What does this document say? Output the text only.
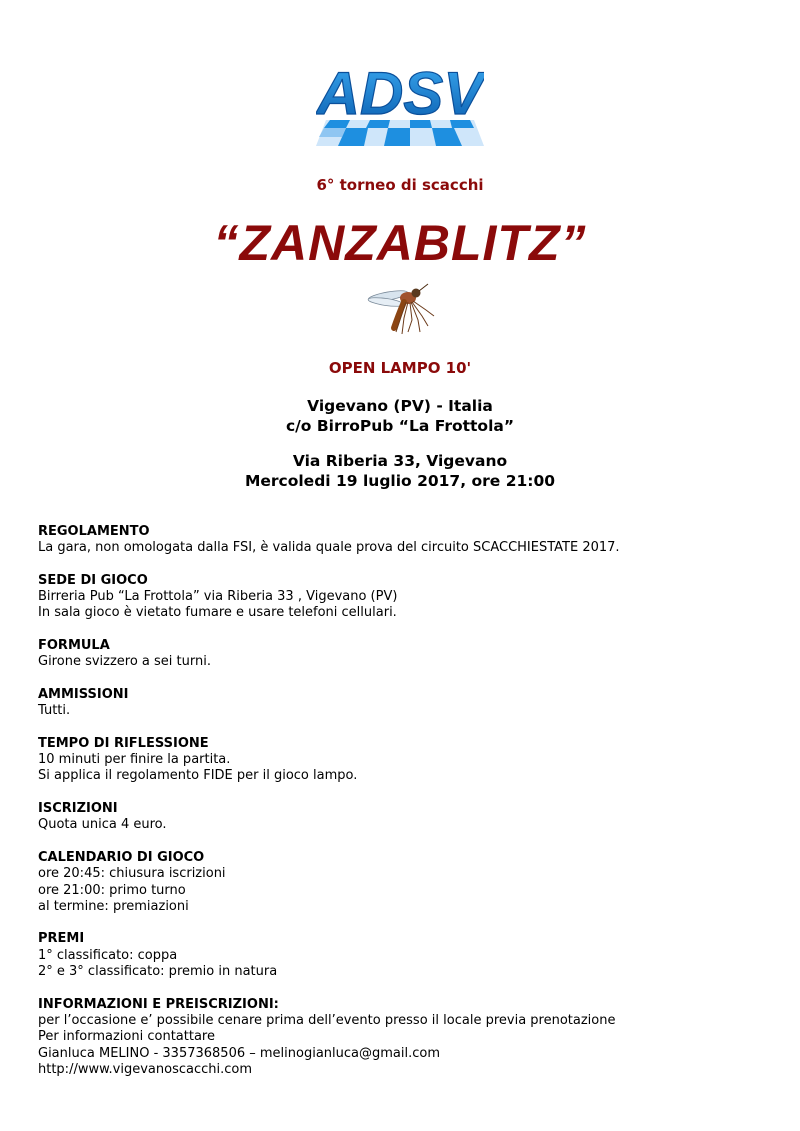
ADSV
6° torneo di scacchi
“ZANZABLITZ”
OPEN LAMPO 10'
Vigevano (PV) - Italia
c/o BirroPub “La Frottola”
Via Riberia 33, Vigevano
Mercoledi 19 luglio 2017, ore 21:00
REGOLAMENTO

La gara, non omologata dalla FSI, è valida quale prova del circuito SCACCHIESTATE 2017.

SEDE DI GIOCO

Birreria Pub “La Frottola” via Riberia 33 , Vigevano (PV)

In sala gioco è vietato fumare e usare telefoni cellulari.

FORMULA

Girone svizzero a sei turni.

AMMISSIONI

Tutti.

TEMPO DI RIFLESSIONE

10 minuti per finire la partita.

Si applica il regolamento FIDE per il gioco lampo.

ISCRIZIONI

Quota unica 4 euro.

CALENDARIO DI GIOCO

ore 20:45: chiusura iscrizioni

ore 21:00: primo turno

al termine: premiazioni

PREMI

1° classificato: coppa

2° e 3° classificato: premio in natura

INFORMAZIONI E PREISCRIZIONI:

per l’occasione e’ possibile cenare prima dell’evento presso il locale previa prenotazione

Per informazioni contattare

Gianluca MELINO - 3357368506 – melinogianluca@gmail.com

http://www.vigevanoscacchi.com
